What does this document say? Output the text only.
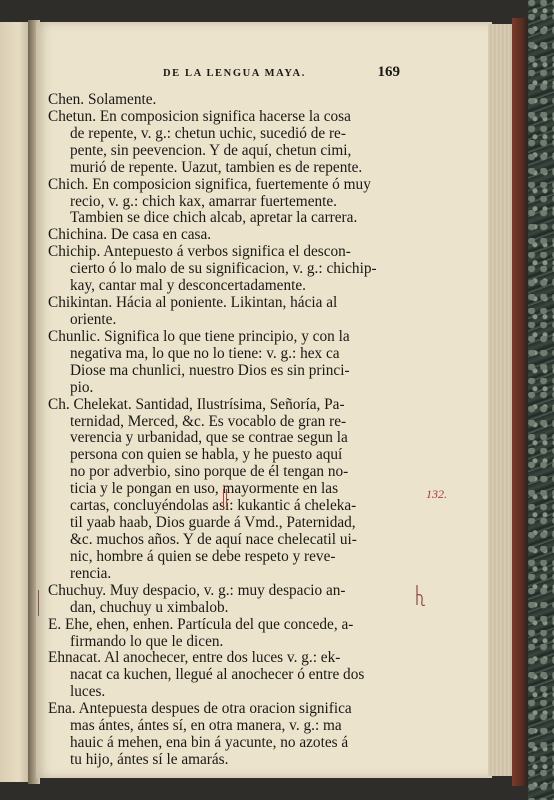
DE LA LENGUA MAYA.	169
Chen. Solamente.
Chetun. En composicion significa hacerse la cosa
de repente, v. g.: chetun uchic, sucedió de re-
pente, sin peevencion. Y de aquí, chetun cimi,
murió de repente. Uazut, tambien es de repente.
Chich. En composicion significa, fuertemente ó muy
recio, v. g.: chich kax, amarrar fuertemente.
Tambien se dice chich alcab, apretar la carrera.
Chichina. De casa en casa.
Chichip. Antepuesto á verbos significa el descon-
cierto ó lo malo de su significacion, v. g.: chichip-
kay, cantar mal y desconcertadamente.
Chikintan. Hácia al poniente. Likintan, hácia al
oriente.
Chunlic. Significa lo que tiene principio, y con la
negativa ma, lo que no lo tiene: v. g.: hex ca
Diose ma chunlici, nuestro Dios es sin princi-
pio.
Ch. Chelekat. Santidad, Ilustrísima, Señoría, Pa-
ternidad, Merced, &c. Es vocablo de gran re-
verencia y urbanidad, que se contrae segun la
persona con quien se habla, y he puesto aquí
no por adverbio, sino porque de él tengan no-
ticia y le pongan en uso, mayormente en las
cartas, concluyéndolas así: kukantic á cheleka-
til yaab haab, Dios guarde á Vmd., Paternidad,
&c. muchos años. Y de aquí nace chelecatil ui-
nic, hombre á quien se debe respeto y reve-
rencia.
Chuchuy. Muy despacio, v. g.: muy despacio an-
dan, chuchuy u ximbalob.
E. Ehe, ehen, enhen. Partícula del que concede, a-
firmando lo que le dicen.
Ehnacat. Al anochecer, entre dos luces v. g.: ek-
nacat ca kuchen, llegué al anochecer ó entre dos
luces.
Ena. Antepuesta despues de otra oracion significa
mas ántes, ántes sí, en otra manera, v. g.: ma
hauic á mehen, ena bin á yacunte, no azotes á
tu hijo, ántes sí le amarás.
132.
